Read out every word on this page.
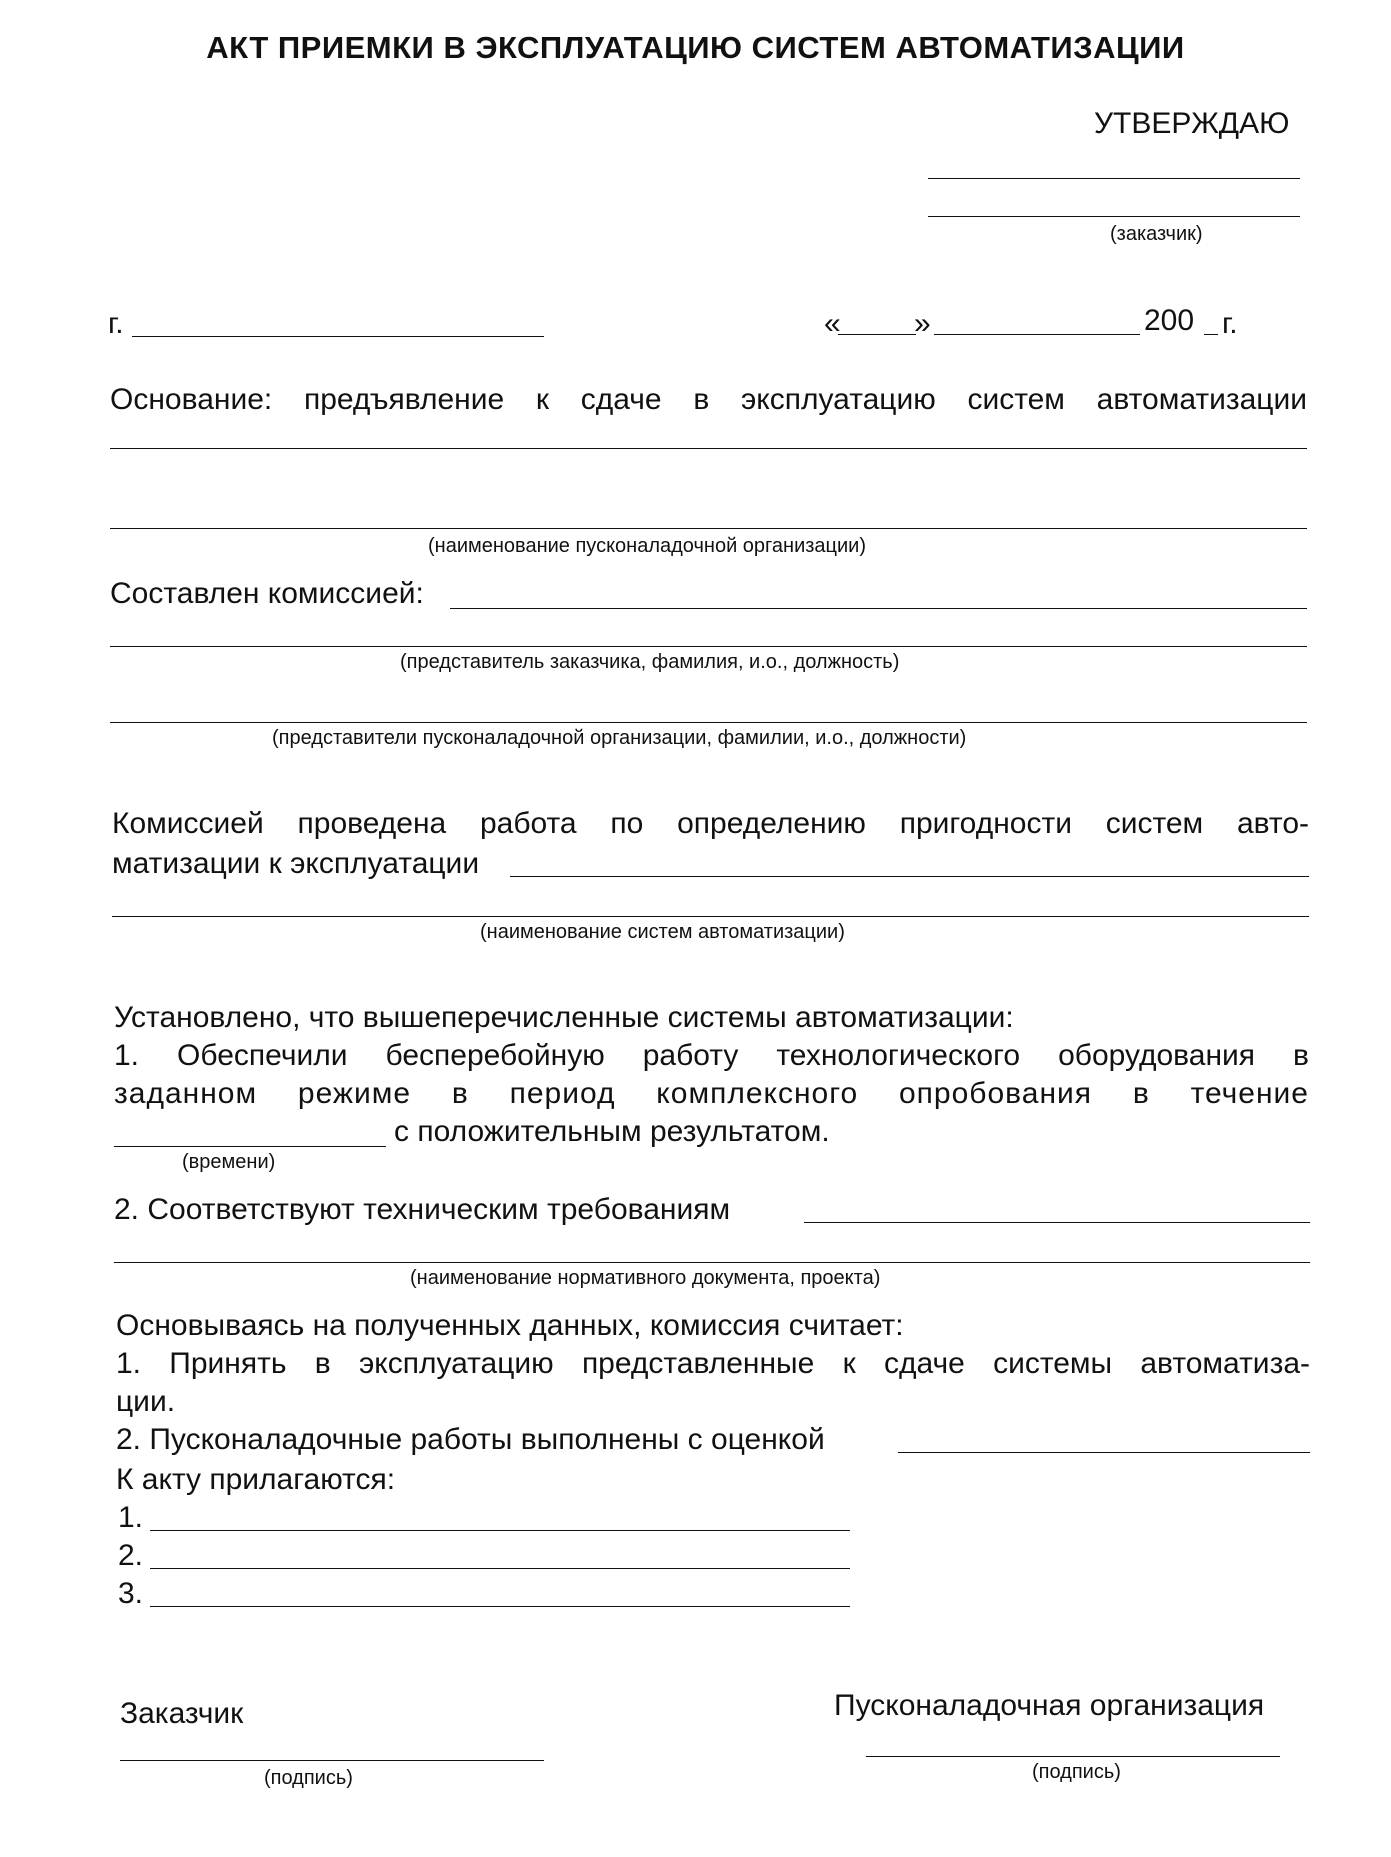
АКТ ПРИЕМКИ В ЭКСПЛУАТАЦИЮ СИСТЕМ АВТОМАТИЗАЦИИ
УТВЕРЖДАЮ
(заказчик)
г.	« »	200 г.
Основание: предъявление к сдаче в эксплуатацию систем автоматизации
(наименование пусконаладочной организации)
Составлен комиссией:
(представитель заказчика, фамилия, и.о., должность)
(представители пусконаладочной организации, фамилии, и.о., должности)
Комиссией проведена работа по определению пригодности систем авто-
матизации к эксплуатации
(наименование систем автоматизации)
Установлено, что вышеперечисленные системы автоматизации:
1. Обеспечили бесперебойную работу технологического оборудования в
заданном режиме в период комплексного опробования в течение
с положительным результатом.
(времени)
2. Соответствуют техническим требованиям
(наименование нормативного документа, проекта)
Основываясь на полученных данных, комиссия считает:
1. Принять в эксплуатацию представленные к сдаче системы автоматиза-
ции.
2. Пусконаладочные работы выполнены с оценкой
К акту прилагаются:
1.
2.
3.
Заказчик
(подпись)
Пусконаладочная организация
(подпись)
